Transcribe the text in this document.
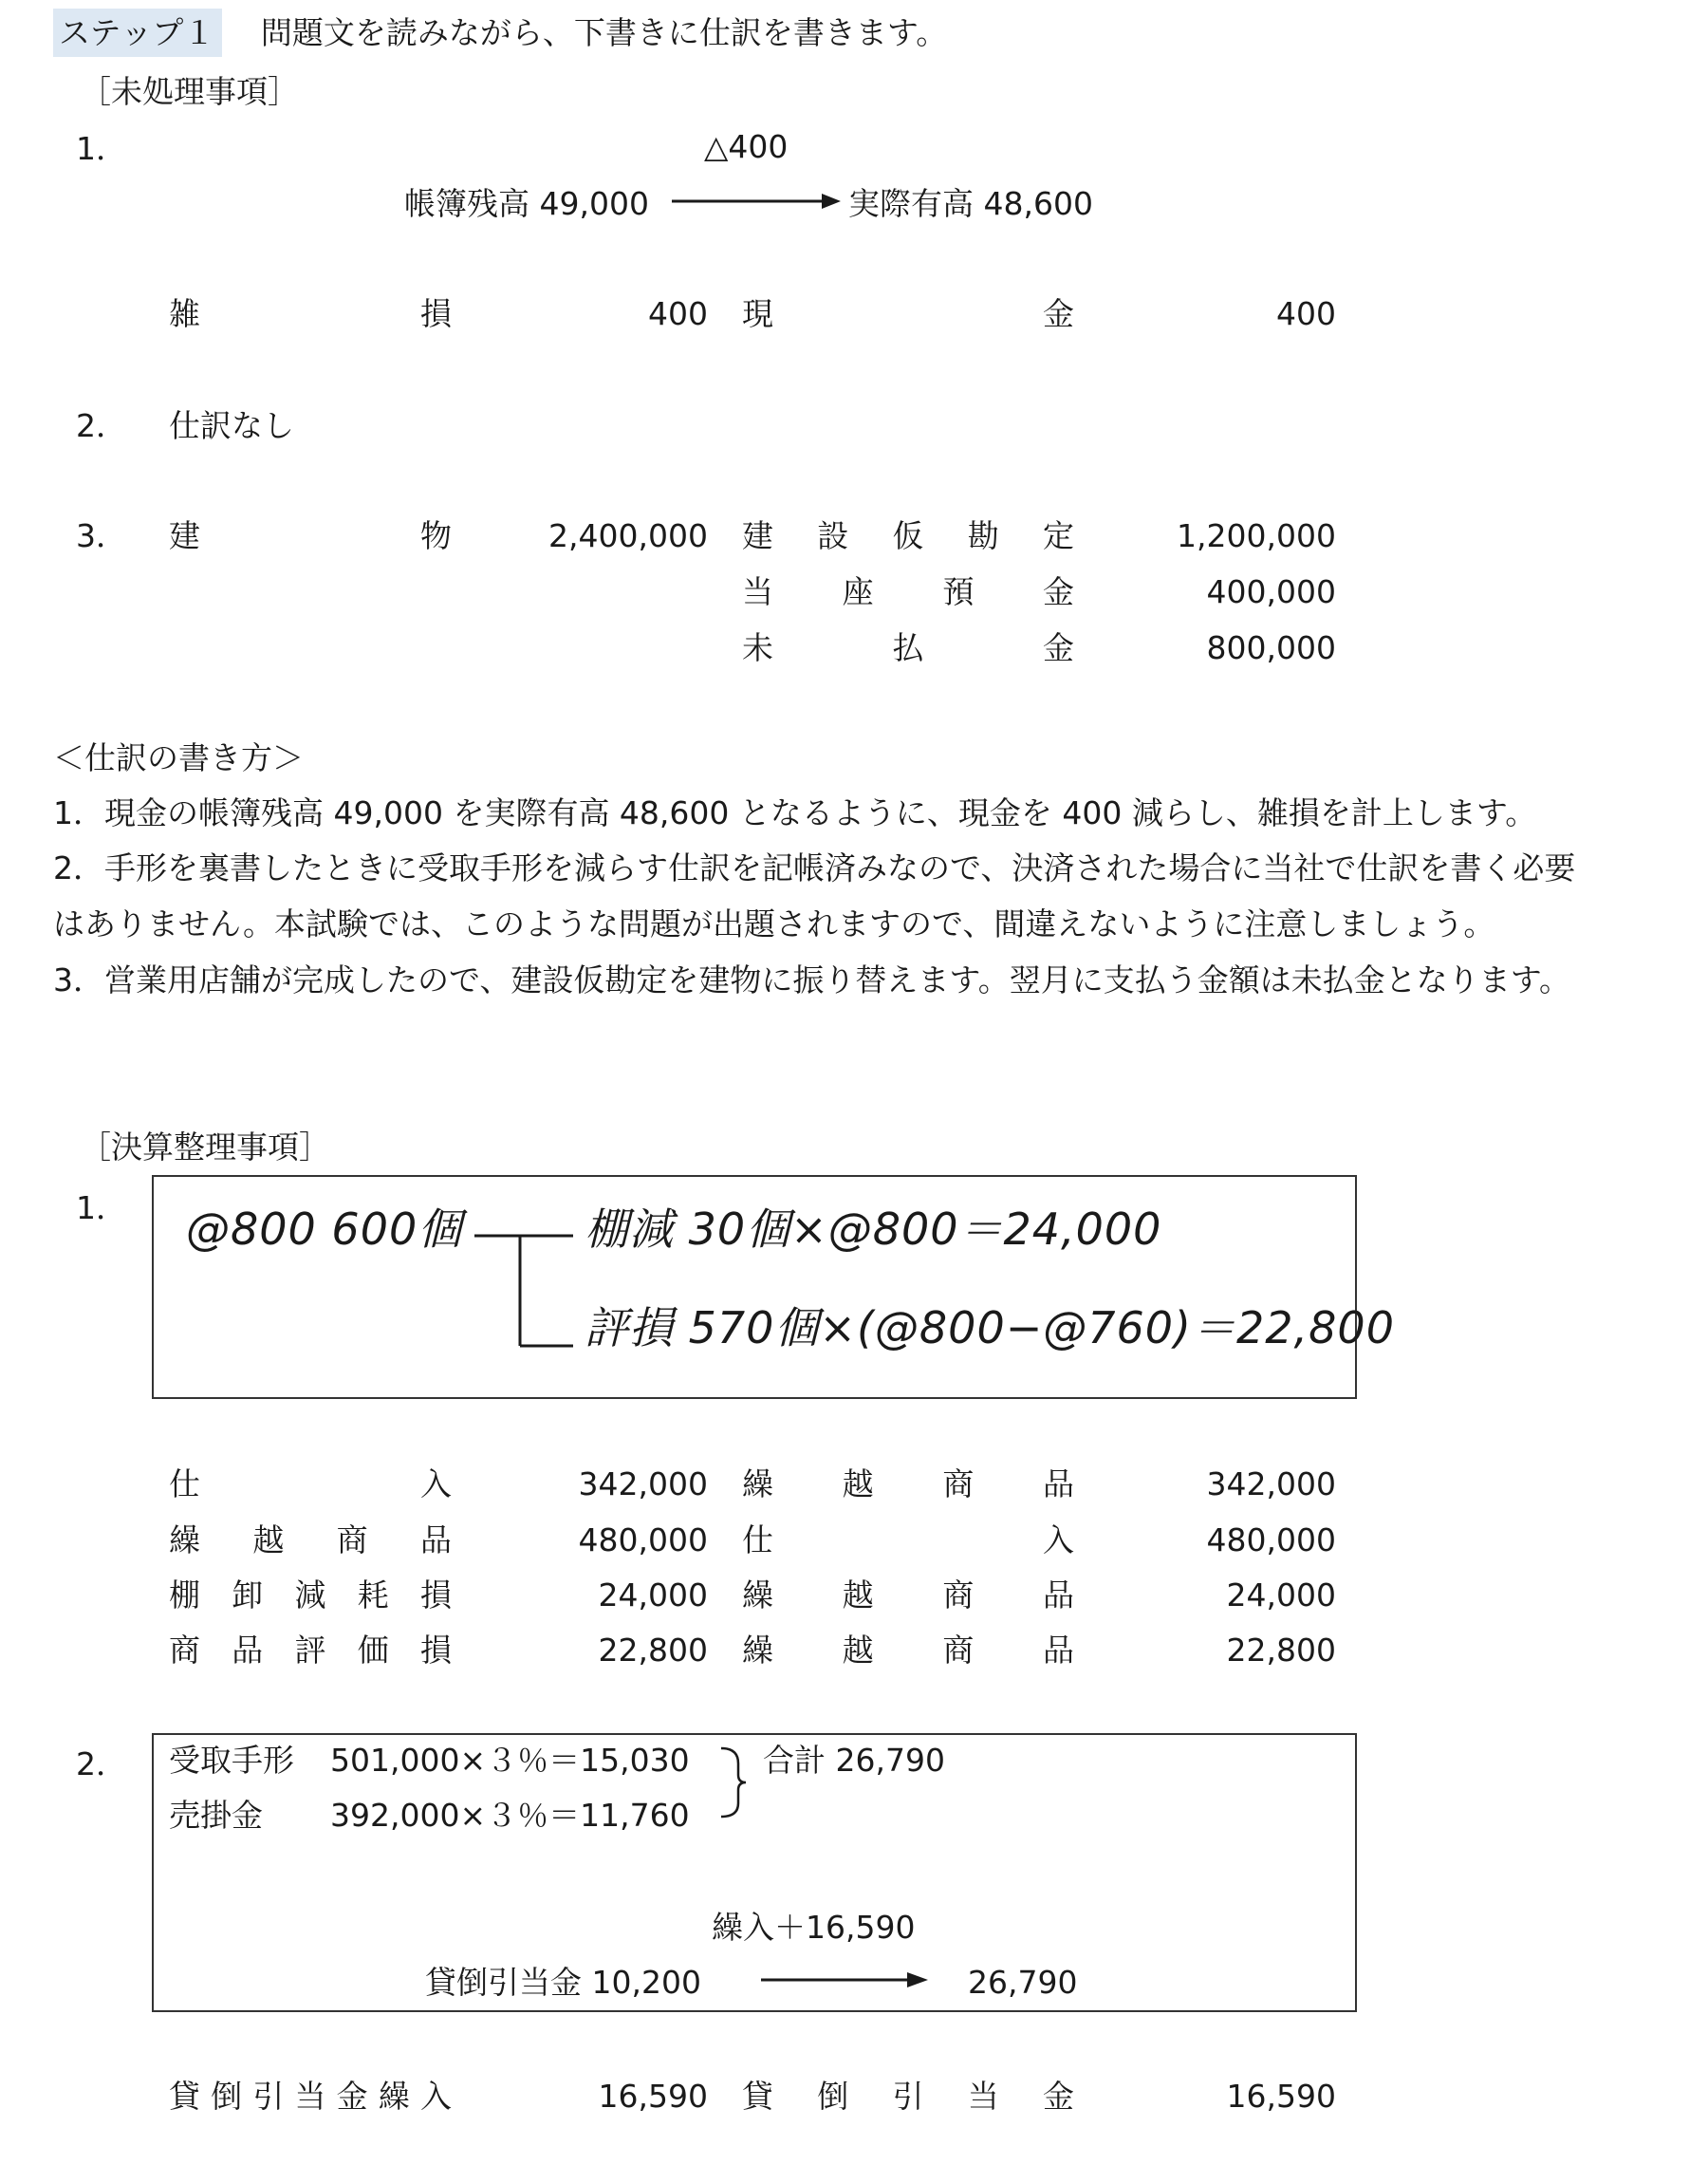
ステップ１ 問題文を読みながら、下書きに仕訳を書きます。
［未処理事項］
1．	△400
帳簿残高 49,000	実際有高 48,600
雑	損	400 現	金	400
2． 仕訳なし
3． 建	物	2,400,000 建 設 仮 勘 定	1,200,000
当 座 預 金	400,000
未	払	金	800,000
＜仕訳の書き方＞
1．現金の帳簿残高 49,000 を実際有高 48,600 となるように、現金を 400 減らし、雑損を計上します。
2．手形を裏書したときに受取手形を減らす仕訳を記帳済みなので、決済された場合に当社で仕訳を書く必要
はありません。本試験では、このような問題が出題されますので、間違えないように注意しましょう。
3．営業用店舗が完成したので、建設仮勘定を建物に振り替えます。翌月に支払う金額は未払金となります。
［決算整理事項］
1． @800 600個	棚減 30個×@800＝24,000
評損 570個×(@800−@760)＝22,800
仕	入	342,000 繰 越 商 品	342,000
繰 越 商 品	480,000 仕	入	480,000
棚 卸 減 耗 損	24,000 繰 越 商 品	24,000
商 品 評 価 損	22,800 繰 越 商 品	22,800
2． 受取手形 501,000×３％＝15,030
売掛金 392,000×３％＝11,760
合計 26,790
繰入＋16,590
貸倒引当金 10,200	26,790
貸 倒 引 当 金 繰 入	16,590 貸 倒 引 当 金	16,590
